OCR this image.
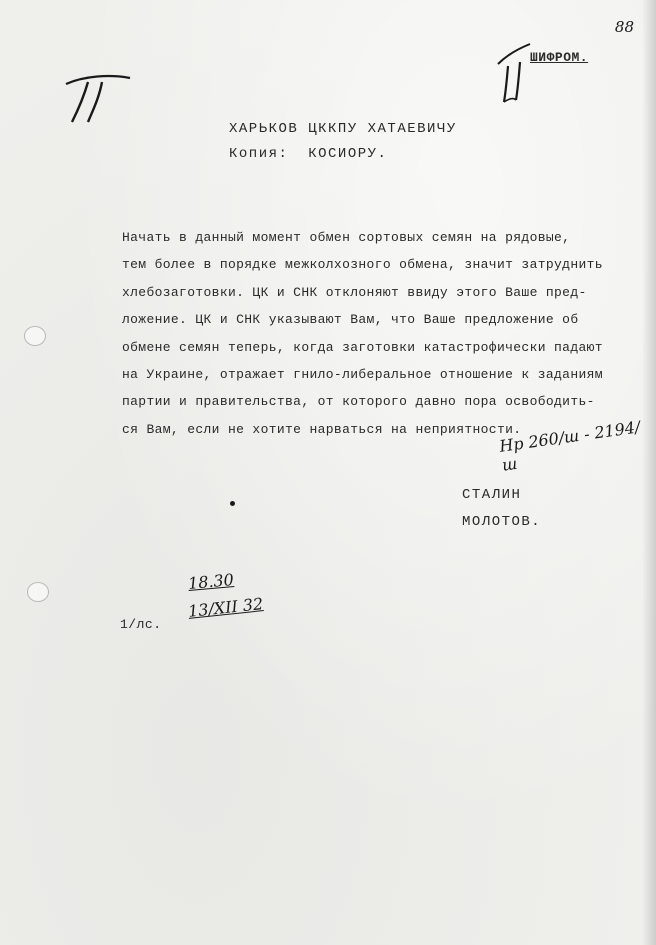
88
ШИФРОМ.
ХАРЬКОВ ЦККПУ ХАТАЕВИЧУ
Копия:  КОСИОРУ.
Начать в данный момент обмен сортовых семян на рядовые,
тем более в порядке межколхозного обмена, значит затруднить
хлебозаготовки. ЦК и СНК отклоняют ввиду этого Ваше пред-
ложение. ЦК и СНК указывают Вам, что Ваше предложение об
обмене семян теперь, когда заготовки катастрофически падают
на Украине, отражает гнило-либеральное отношение к заданиям
партии и правительства, от которого давно пора освободить-
ся Вам, если не хотите нарваться на неприятности.
Нр 260/ш - 2194/ш
СТАЛИН
МОЛОТОВ.
18.30
13/XII 32
1/лс.
